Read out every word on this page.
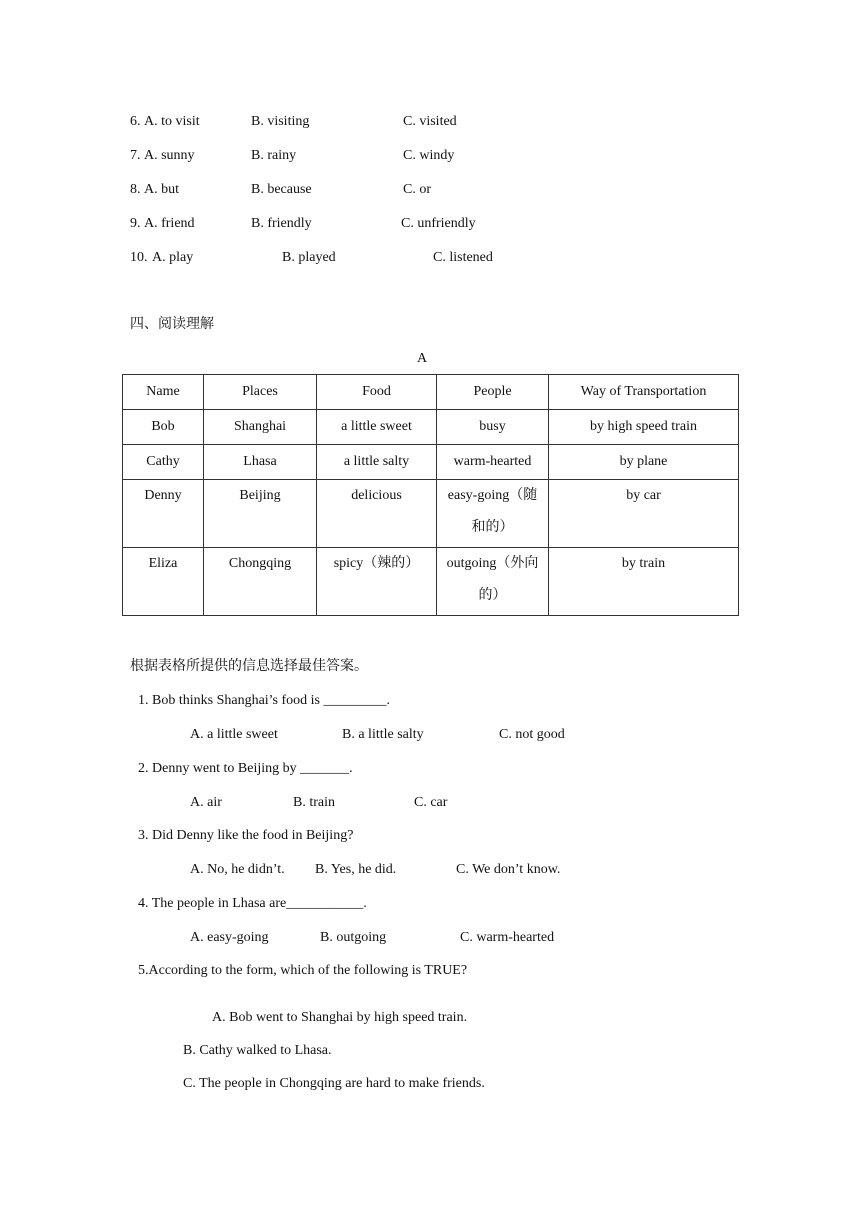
6. A. to visit	B. visiting	C. visited
7. A. sunny	B. rainy	C. windy
8. A. but	B. because	C. or
9. A. friend	B. friendly	C. unfriendly
10. A. play	B. played	C. listened
四、阅读理解
A
Name	Places	Food	People	Way of Transportation
Bob	Shanghai	a little sweet	busy	by high speed train
Cathy	Lhasa	a little salty	warm-hearted	by plane
Denny	Beijing	delicious	easy-going（随和的）	by car
Eliza	Chongqing	spicy（辣的）	outgoing（外向的）	by train
根据表格所提供的信息选择最佳答案。
1. Bob thinks Shanghai’s food is _________.
A. a little sweet	B. a little salty	C. not good
2. Denny went to Beijing by _______.
A. air	B. train	C. car
3. Did Denny like the food in Beijing?
A. No, he didn’t. B. Yes, he did.	C. We don’t know.
4. The people in Lhasa are___________.
A. easy-going	B. outgoing	C. warm-hearted
5.According to the form, which of the following is TRUE?
A. Bob went to Shanghai by high speed train.
B. Cathy walked to Lhasa.
C. The people in Chongqing are hard to make friends.
